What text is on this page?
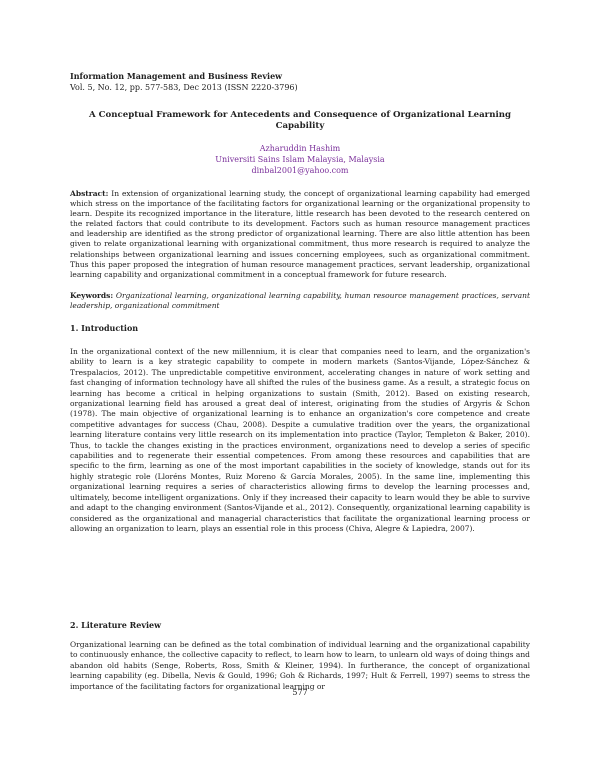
Information Management and Business Review
Vol. 5, No. 12, pp. 577-583, Dec 2013 (ISSN 2220-3796)
A Conceptual Framework for Antecedents and Consequence of Organizational Learning Capability
Azharuddin Hashim
Universiti Sains Islam Malaysia, Malaysia
dinbal2001@yahoo.com
Abstract: In extension of organizational learning study, the concept of organizational learning capability had emerged which stress on the importance of the facilitating factors for organizational learning or the organizational propensity to learn. Despite its recognized importance in the literature, little research has been devoted to the research centered on the related factors that could contribute to its development. Factors such as human resource management practices and leadership are identified as the strong predictor of organizational learning. There are also little attention has been given to relate organizational learning with organizational commitment, thus more research is required to analyze the relationships between organizational learning and issues concerning employees, such as organizational commitment. Thus this paper proposed the integration of human resource management practices, servant leadership, organizational learning capability and organizational commitment in a conceptual framework for future research.
Keywords: Organizational learning, organizational learning capability, human resource management practices, servant leadership, organizational commitment
1. Introduction
In the organizational context of the new millennium, it is clear that companies need to learn, and the organization's ability to learn is a key strategic capability to compete in modern markets (Santos-Vijande, López-Sánchez & Trespalacios, 2012). The unpredictable competitive environment, accelerating changes in nature of work setting and fast changing of information technology have all shifted the rules of the business game. As a result, a strategic focus on learning has become a critical in helping organizations to sustain (Smith, 2012). Based on existing research, organizational learning field has aroused a great deal of interest, originating from the studies of Argyris & Schon (1978). The main objective of organizational learning is to enhance an organization's core competence and create competitive advantages for success (Chau, 2008). Despite a cumulative tradition over the years, the organizational learning literature contains very little research on its implementation into practice (Taylor, Templeton & Baker, 2010). Thus, to tackle the changes existing in the practices environment, organizations need to develop a series of specific capabilities and to regenerate their essential competences. From among these resources and capabilities that are specific to the firm, learning as one of the most important capabilities in the society of knowledge, stands out for its highly strategic role (Lloréns Montes, Ruiz Moreno & García Morales, 2005). In the same line, implementing this organizational learning requires a series of characteristics allowing firms to develop the learning processes and, ultimately, become intelligent organizations. Only if they increased their capacity to learn would they be able to survive and adapt to the changing environment (Santos-Vijande et al., 2012). Consequently, organizational learning capability is considered as the organizational and managerial characteristics that facilitate the organizational learning process or allowing an organization to learn, plays an essential role in this process (Chiva, Alegre & Lapiedra, 2007).
2. Literature Review
Organizational learning can be defined as the total combination of individual learning and the organizational capability to continuously enhance, the collective capacity to reflect, to learn how to learn, to unlearn old ways of doing things and abandon old habits (Senge, Roberts, Ross, Smith & Kleiner, 1994). In furtherance, the concept of organizational learning capability (eg. Dibella, Nevis & Gould, 1996; Goh & Richards, 1997; Hult & Ferrell, 1997) seems to stress the importance of the facilitating factors for organizational learning or
577
